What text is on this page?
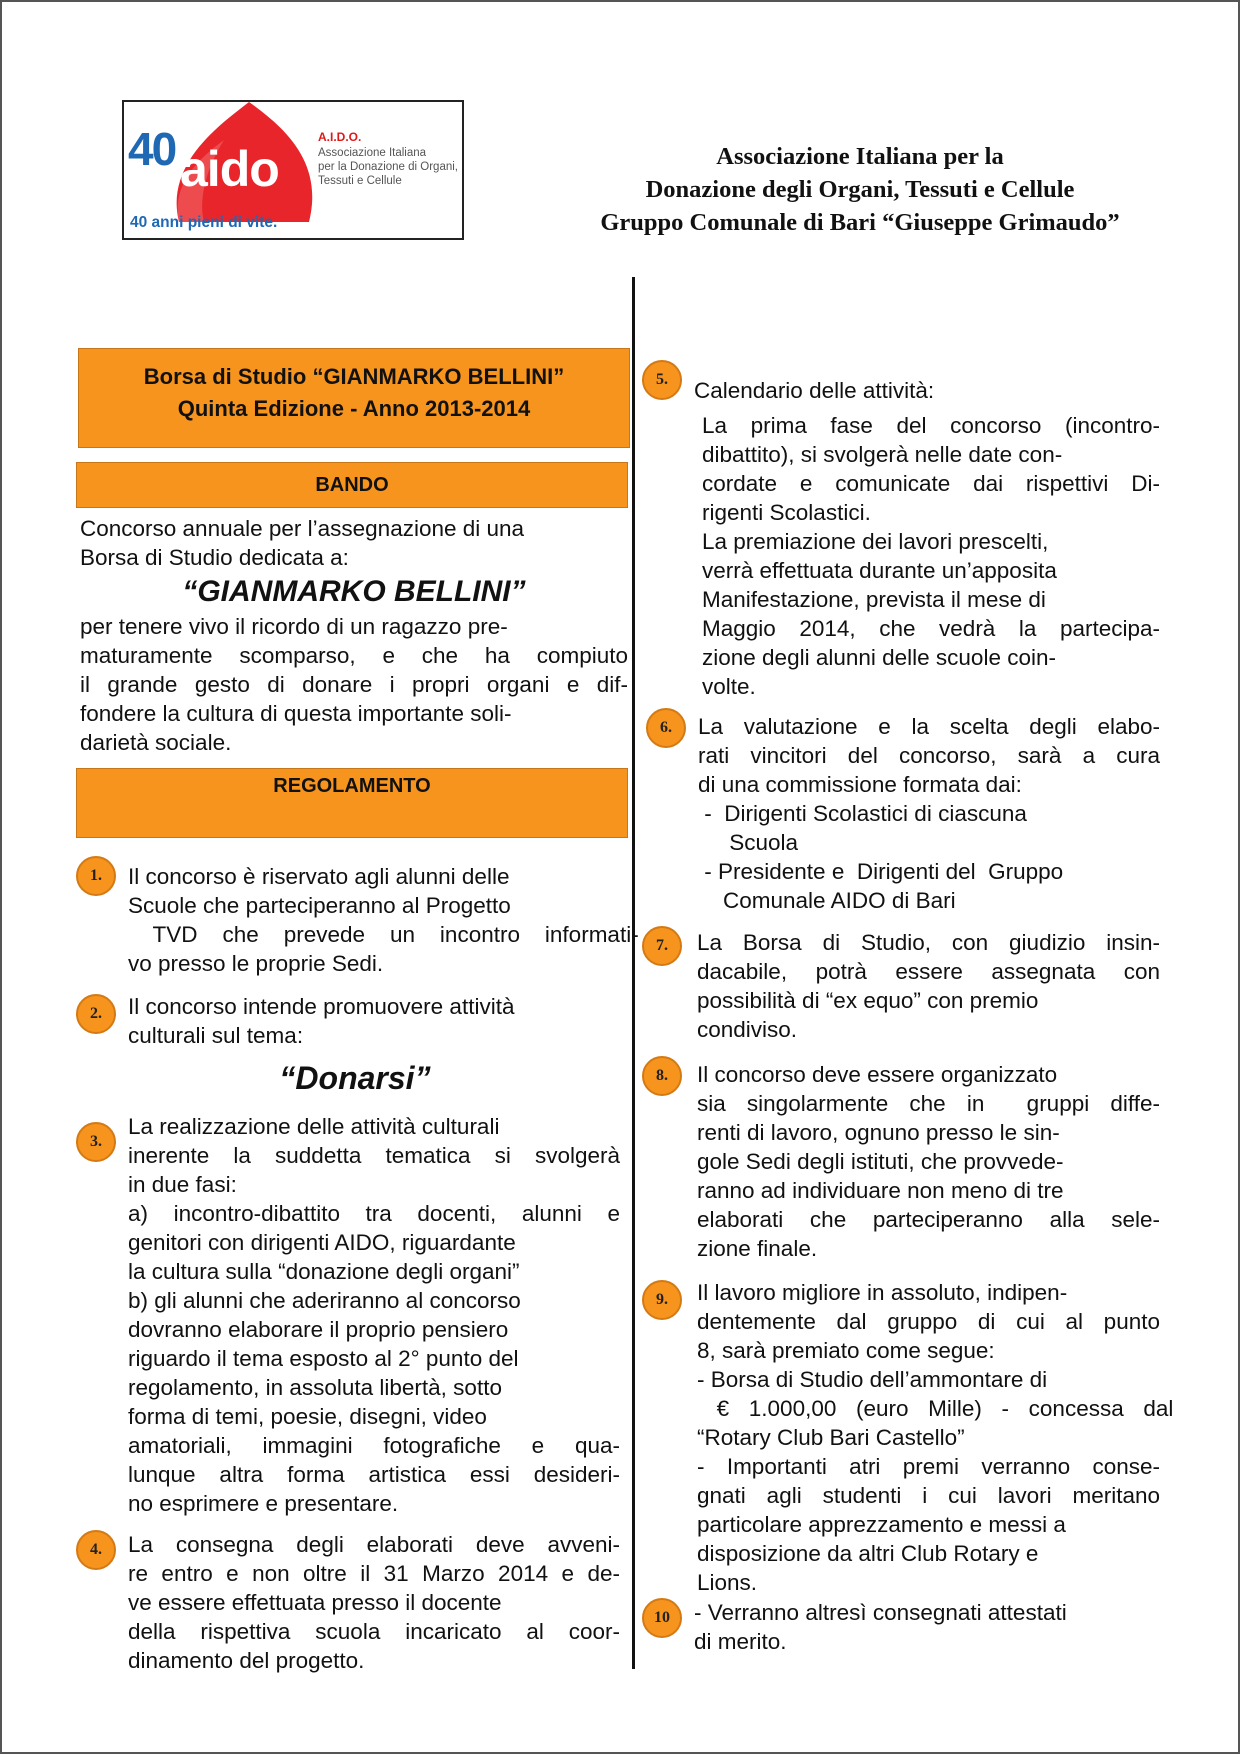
40 aido
A.I.D.O.
Associazione Italiana
per la Donazione di Organi,
Tessuti e Cellule
40 anni pieni di vite.
Associazione Italiana per la
Donazione degli Organi, Tessuti e Cellule
Gruppo Comunale di Bari “Giuseppe Grimaudo”
Borsa di Studio “GIANMARKO BELLINI”
Quinta Edizione - Anno 2013-2014
BANDO

Concorso annuale per l’assegnazione di una

Borsa di Studio dedicata a:

“GIANMARKO BELLINI”

per tenere vivo il ricordo di un ragazzo pre-

maturamente scomparso, e che ha compiuto

il grande gesto di donare i propri organi e dif-

fondere la cultura di questa importante soli-

darietà sociale.

REGOLAMENTO
1.	Il concorso è riservato agli alunni delle

Scuole che parteciperanno al Progetto

TVD che prevede un incontro informati-

vo presso le proprie Sedi.

2.	Il concorso intende promuovere attività

culturali sul tema:

“Donarsi”
3.

La realizzazione delle attività culturali

inerente la suddetta tematica si svolgerà

in due fasi:

a) incontro-dibattito tra docenti, alunni e

genitori con dirigenti AIDO, riguardante

la cultura sulla “donazione degli organi”

b) gli alunni che aderiranno al concorso

dovranno elaborare il proprio pensiero

riguardo il tema esposto al 2° punto del

regolamento, in assoluta libertà, sotto

forma di temi, poesie, disegni, video

amatoriali, immagini fotografiche e qua-

lunque altra forma artistica essi desideri-

no esprimere e presentare.

4.	La consegna degli elaborati deve avveni-

re entro e non oltre il 31 Marzo 2014 e de-

ve essere effettuata presso il docente

della rispettiva scuola incaricato al coor-

dinamento del progetto.

5.	Calendario delle attività:

La prima fase del concorso (incontro-

dibattito), si svolgerà nelle date con-

cordate e comunicate dai rispettivi Di-

rigenti Scolastici.

La premiazione dei lavori prescelti,

verrà effettuata durante un’apposita

Manifestazione, prevista il mese di

Maggio 2014, che vedrà la partecipa-

zione degli alunni delle scuole coin-

volte.

6.	La valutazione e la scelta degli elabo-

rati vincitori del concorso, sarà a cura

di una commissione formata dai:

-  Dirigenti Scolastici di ciascuna

Scuola

- Presidente e  Dirigenti del  Gruppo

Comunale AIDO di Bari

7.	La Borsa di Studio, con giudizio insin-

dacabile, potrà essere assegnata con

possibilità di “ex equo” con premio

condiviso.

8.	Il concorso deve essere organizzato

sia singolarmente che in  gruppi diffe-

renti di lavoro, ognuno presso le sin-

gole Sedi degli istituti, che provvede-

ranno ad individuare non meno di tre

elaborati che parteciperanno alla sele-

zione finale.

9.	Il lavoro migliore in assoluto, indipen-

dentemente dal gruppo di cui al punto

8, sarà premiato come segue:

- Borsa di Studio dell’ammontare di

€ 1.000,00 (euro Mille) - concessa dal

“Rotary Club Bari Castello”

- Importanti atri premi verranno conse-

gnati agli studenti i cui lavori meritano

particolare apprezzamento e messi a

disposizione da altri Club Rotary e

Lions.

10	- Verranno altresì consegnati attestati

di merito.
